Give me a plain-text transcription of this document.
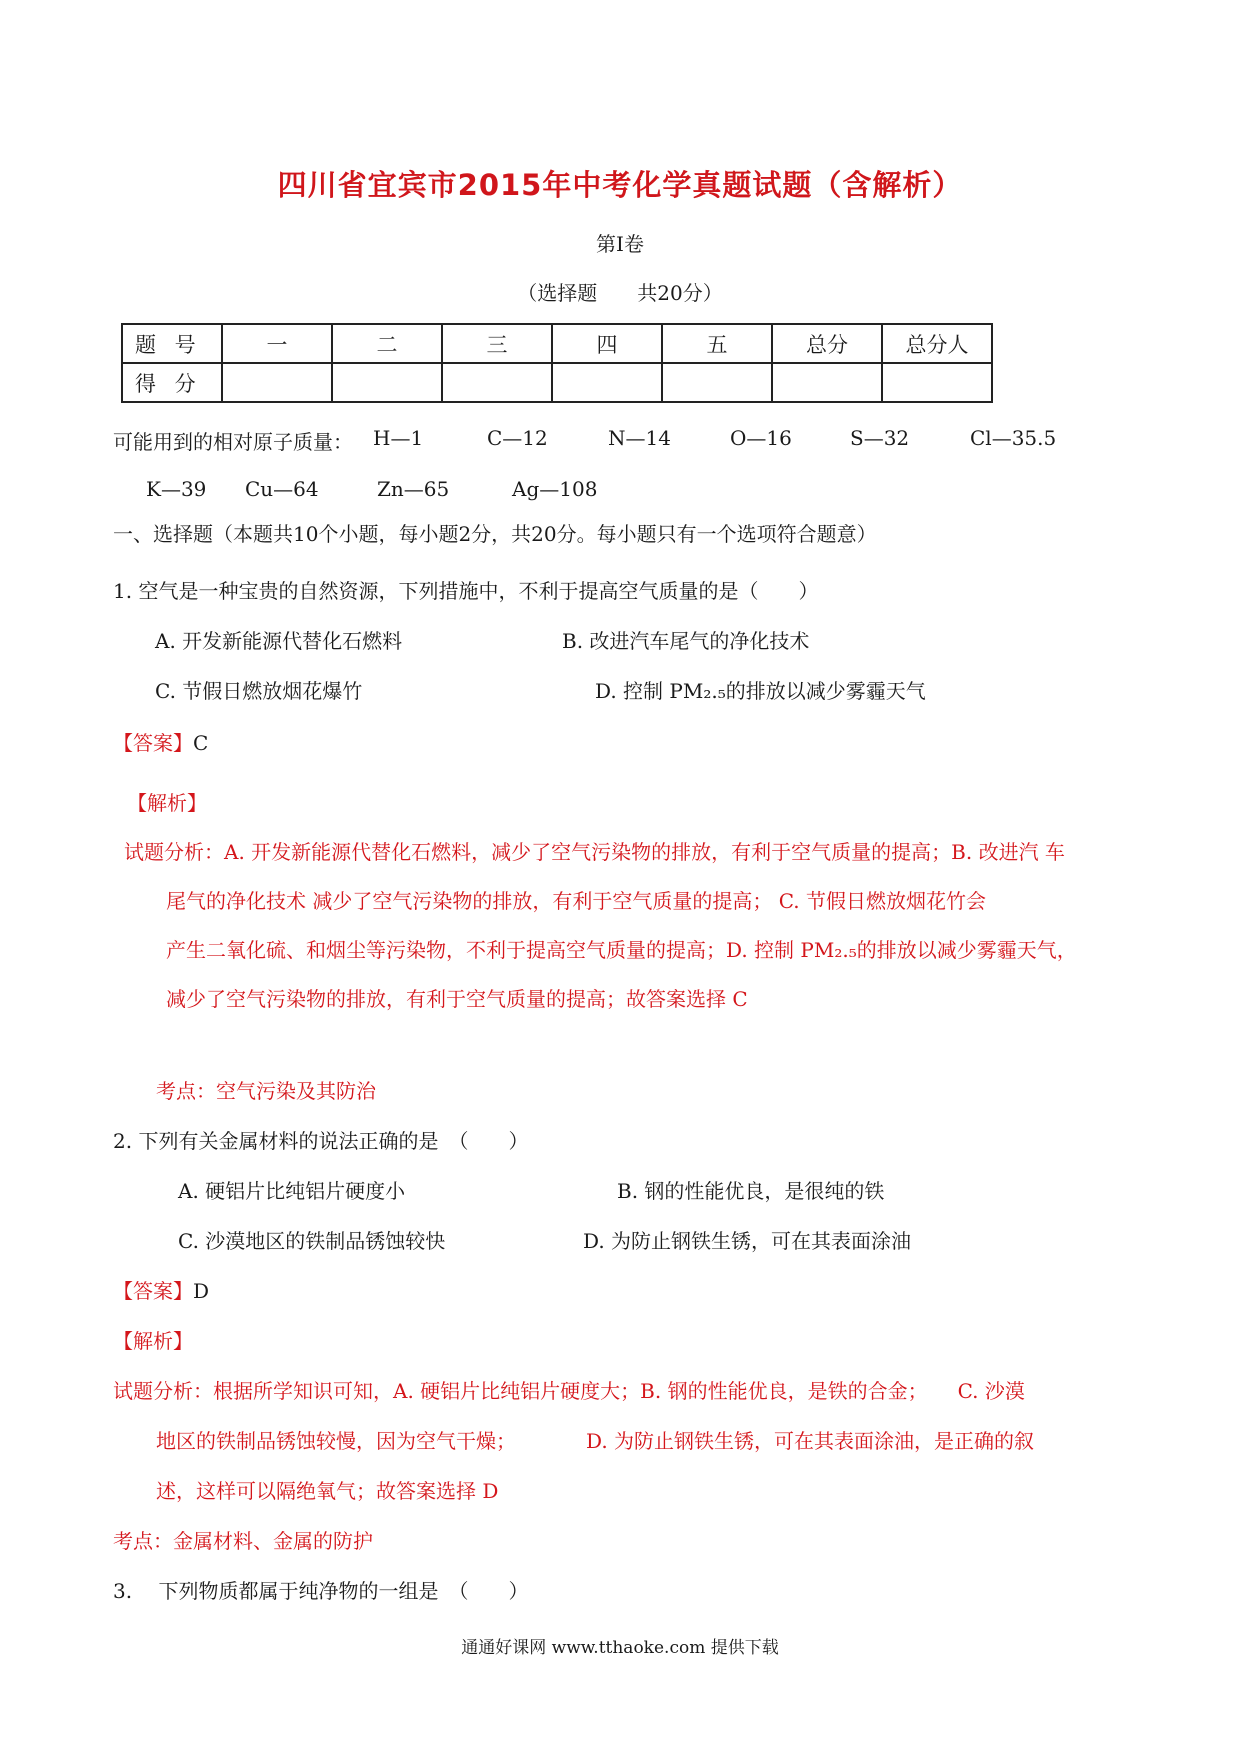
四川省宜宾市2015年中考化学真题试题（含解析）
第Ⅰ卷
（选择题　　共20分）
题 号	一	二	三	四	五	总分	总分人
得 分							
可能用到的相对原子质量： H—1	C—12	N—14	O—16	S—32	Cl—35.5
K—39 Cu—64	Zn—65	Ag—108
一、选择题（本题共10个小题，每小题2分，共20分。每小题只有一个选项符合题意）
1. 空气是一种宝贵的自然资源，下列措施中，不利于提高空气质量的是（　　）
A. 开发新能源代替化石燃料	B. 改进汽车尾气的净化技术
C. 节假日燃放烟花爆竹	D. 控制 PM₂.₅的排放以减少雾霾天气
【答案】C
【解析】
试题分析：A. 开发新能源代替化石燃料，减少了空气污染物的排放，有利于空气质量的提高；B. 改进汽 车
尾气的净化技术 减少了空气污染物的排放，有利于空气质量的提高； C. 节假日燃放烟花竹会
产生二氧化硫、和烟尘等污染物，不利于提高空气质量的提高；D. 控制 PM₂.₅的排放以减少雾霾天气，
减少了空气污染物的排放，有利于空气质量的提高；故答案选择 C
考点：空气污染及其防治
2. 下列有关金属材料的说法正确的是　（　　）
A. 硬铝片比纯铝片硬度小	B. 钢的性能优良，是很纯的铁
C. 沙漠地区的铁制品锈蚀较快	D. 为防止钢铁生锈，可在其表面涂油
【答案】D
【解析】
试题分析：根据所学知识可知，A. 硬铝片比纯铝片硬度大；B. 钢的性能优良，是铁的合金；　　C. 沙漠
地区的铁制品锈蚀较慢，因为空气干燥；　　　　D. 为防止钢铁生锈，可在其表面涂油，是正确的叙
述，这样可以隔绝氧气；故答案选择 D
考点：金属材料、金属的防护
3.　 下列物质都属于纯净物的一组是　（　　）
通通好课网 www.tthaoke.com 提供下载
